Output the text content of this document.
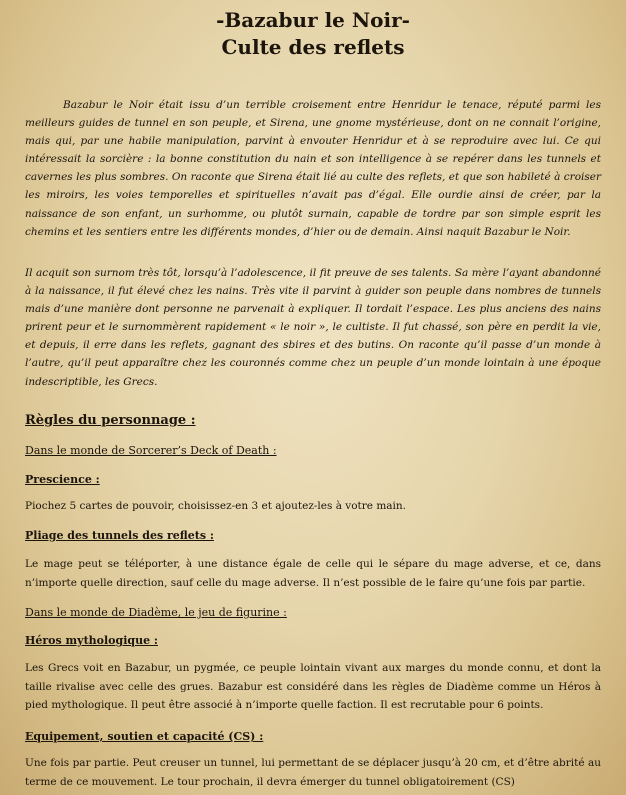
-Bazabur le Noir-
Culte des reflets

Bazabur le Noir était issu d’un terrible croisement entre Henridur le tenace, réputé parmi les meilleurs guides de tunnel en son peuple, et Sirena, une gnome mystérieuse, dont on ne connait l’origine, mais qui, par une habile manipulation, parvint à envouter Henridur et à se reproduire avec lui. Ce qui intéressait la sorcière : la bonne constitution du nain et son intelligence à se repérer dans les tunnels et cavernes les plus sombres. On raconte que Sirena était lié au culte des reflets, et que son habileté à croiser les miroirs, les voies temporelles et spirituelles n’avait pas d’égal. Elle ourdie ainsi de créer, par la naissance de son enfant, un surhomme, ou plutôt surnain, capable de tordre par son simple esprit les chemins et les sentiers entre les différents mondes, d’hier ou de demain. Ainsi naquit Bazabur le Noir.

Il acquit son surnom très tôt, lorsqu’à l’adolescence, il fit preuve de ses talents. Sa mère l’ayant abandonné à la naissance, il fut élevé chez les nains. Très vite il parvint à guider son peuple dans nombres de tunnels mais d’une manière dont personne ne parvenait à expliquer. Il tordait l’espace. Les plus anciens des nains prirent peur et le surnommèrent rapidement « le noir », le cultiste. Il fut chassé, son père en perdit la vie, et depuis, il erre dans les reflets, gagnant des sbires et des butins. On raconte qu’il passe d’un monde à l’autre, qu’il peut apparaître chez les couronnés comme chez un peuple d’un monde lointain à une époque indescriptible, les Grecs.

Règles du personnage :

Dans le monde de Sorcerer’s Deck of Death :

Prescience :

Piochez 5 cartes de pouvoir, choisissez-en 3 et ajoutez-les à votre main.

Pliage des tunnels des reflets :

Le mage peut se téléporter, à une distance égale de celle qui le sépare du mage adverse, et ce, dans n’importe quelle direction, sauf celle du mage adverse. Il n’est possible de le faire qu’une fois par partie.

Dans le monde de Diadème, le jeu de figurine :

Héros mythologique :

Les Grecs voit en Bazabur, un pygmée, ce peuple lointain vivant aux marges du monde connu, et dont la taille rivalise avec celle des grues. Bazabur est considéré dans les règles de Diadème comme un Héros à pied mythologique. Il peut être associé à n’importe quelle faction. Il est recrutable pour 6 points.

Equipement, soutien et capacité (CS) :

Une fois par partie. Peut creuser un tunnel, lui permettant de se déplacer jusqu’à 20 cm, et d’être abrité au terme de ce mouvement. Le tour prochain, il devra émerger du tunnel obligatoirement (CS)
